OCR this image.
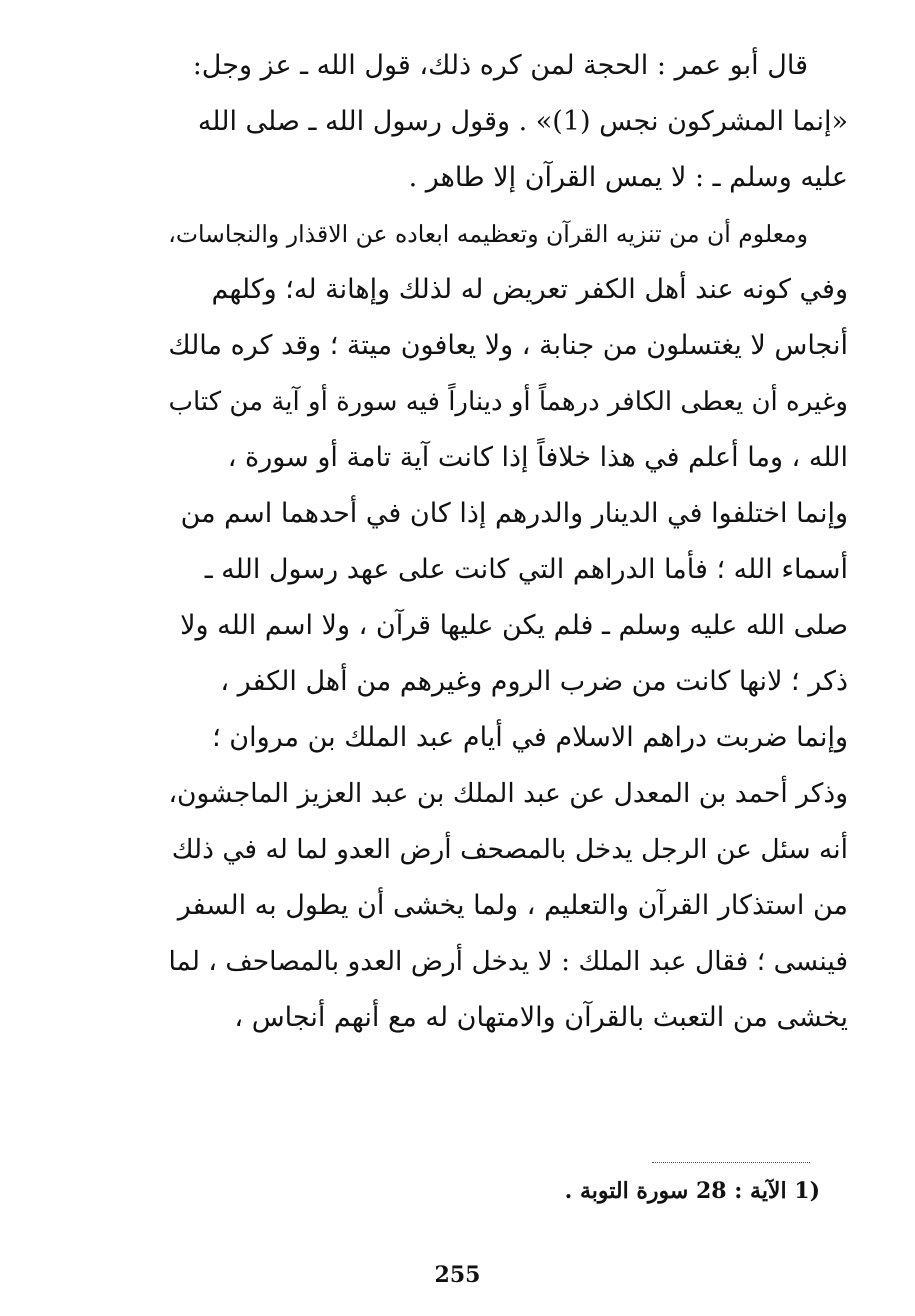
قال أبو عمر : الحجة لمن كره ذلك، قول الله ـ عز وجل:
«إنما المشركون نجس (1)» . وقول رسول الله ـ صلى الله
عليه وسلم ـ : لا يمس القرآن إلا طاهر .
ومعلوم أن من تنزيه القرآن وتعظيمه ابعاده عن الاقذار والنجاسات،
وفي كونه عند أهل الكفر تعريض له لذلك وإهانة له؛ وكلهم
أنجاس لا يغتسلون من جنابة ، ولا يعافون ميتة ؛ وقد كره مالك
وغيره أن يعطى الكافر درهماً أو ديناراً فيه سورة أو آية من كتاب
الله ، وما أعلم في هذا خلافاً إذا كانت آية تامة أو سورة ،
وإنما اختلفوا في الدينار والدرهم إذا كان في أحدهما اسم من
أسماء الله ؛ فأما الدراهم التي كانت على عهد رسول الله ـ
صلى الله عليه وسلم ـ فلم يكن عليها قرآن ، ولا اسم الله ولا
ذكر ؛ لانها كانت من ضرب الروم وغيرهم من أهل الكفر ،
وإنما ضربت دراهم الاسلام في أيام عبد الملك بن مروان ؛
وذكر أحمد بن المعدل عن عبد الملك بن عبد العزيز الماجشون،
أنه سئل عن الرجل يدخل بالمصحف أرض العدو لما له في ذلك
من استذكار القرآن والتعليم ، ولما يخشى أن يطول به السفر
فينسى ؛ فقال عبد الملك : لا يدخل أرض العدو بالمصاحف ، لما
يخشى من التعبث بالقرآن والامتهان له مع أنهم أنجاس ،
(1 الآية : 28 سورة التوبة .
255
